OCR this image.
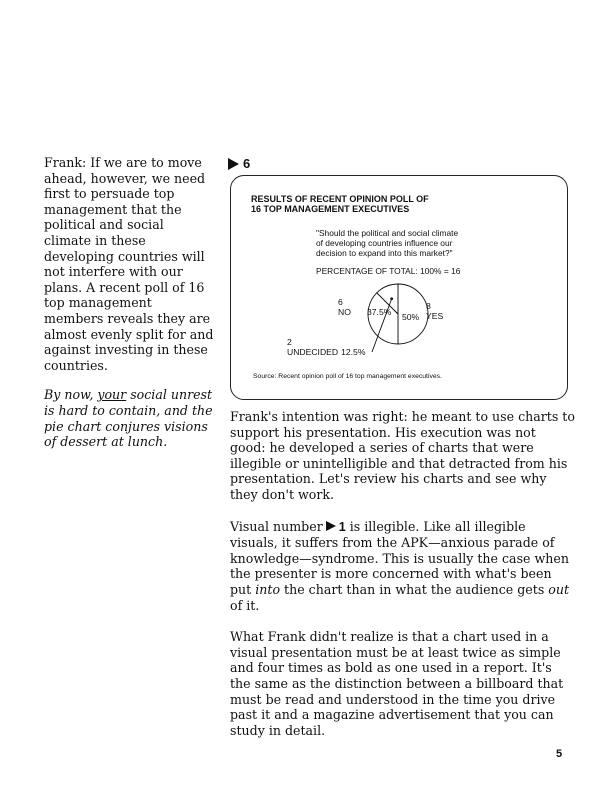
Frank: If we are to move ahead, however, we need first to persuade top management that the political and social climate in these developing countries will not interfere with our plans. A recent poll of 16 top management members reveals they are almost evenly split for and against investing in these countries.

By now, your social unrest is hard to contain, and the pie chart conjures visions of dessert at lunch.

6
RESULTS OF RECENT OPINION POLL OF
16 TOP MANAGEMENT EXECUTIVES
"Should the political and social climate
of developing countries influence our
decision to expand into this market?"
PERCENTAGE OF TOTAL: 100% = 16
6
NO 37.5% 50%
8
YES
2
UNDECIDED 12.5%
Source: Recent opinion poll of 16 top management executives.

Frank's intention was right: he meant to use charts to support his presentation. His execution was not good: he developed a series of charts that were illegible or unintelligible and that detracted from his presentation. Let's review his charts and see why they don't work.

Visual number 1 is illegible. Like all illegible visuals, it suffers from the APK—anxious parade of knowledge—syndrome. This is usually the case when the presenter is more concerned with what's been put into the chart than in what the audience gets out of it.

What Frank didn't realize is that a chart used in a visual presentation must be at least twice as simple and four times as bold as one used in a report. It's the same as the distinction between a billboard that must be read and understood in the time you drive past it and a magazine advertisement that you can study in detail.

5
